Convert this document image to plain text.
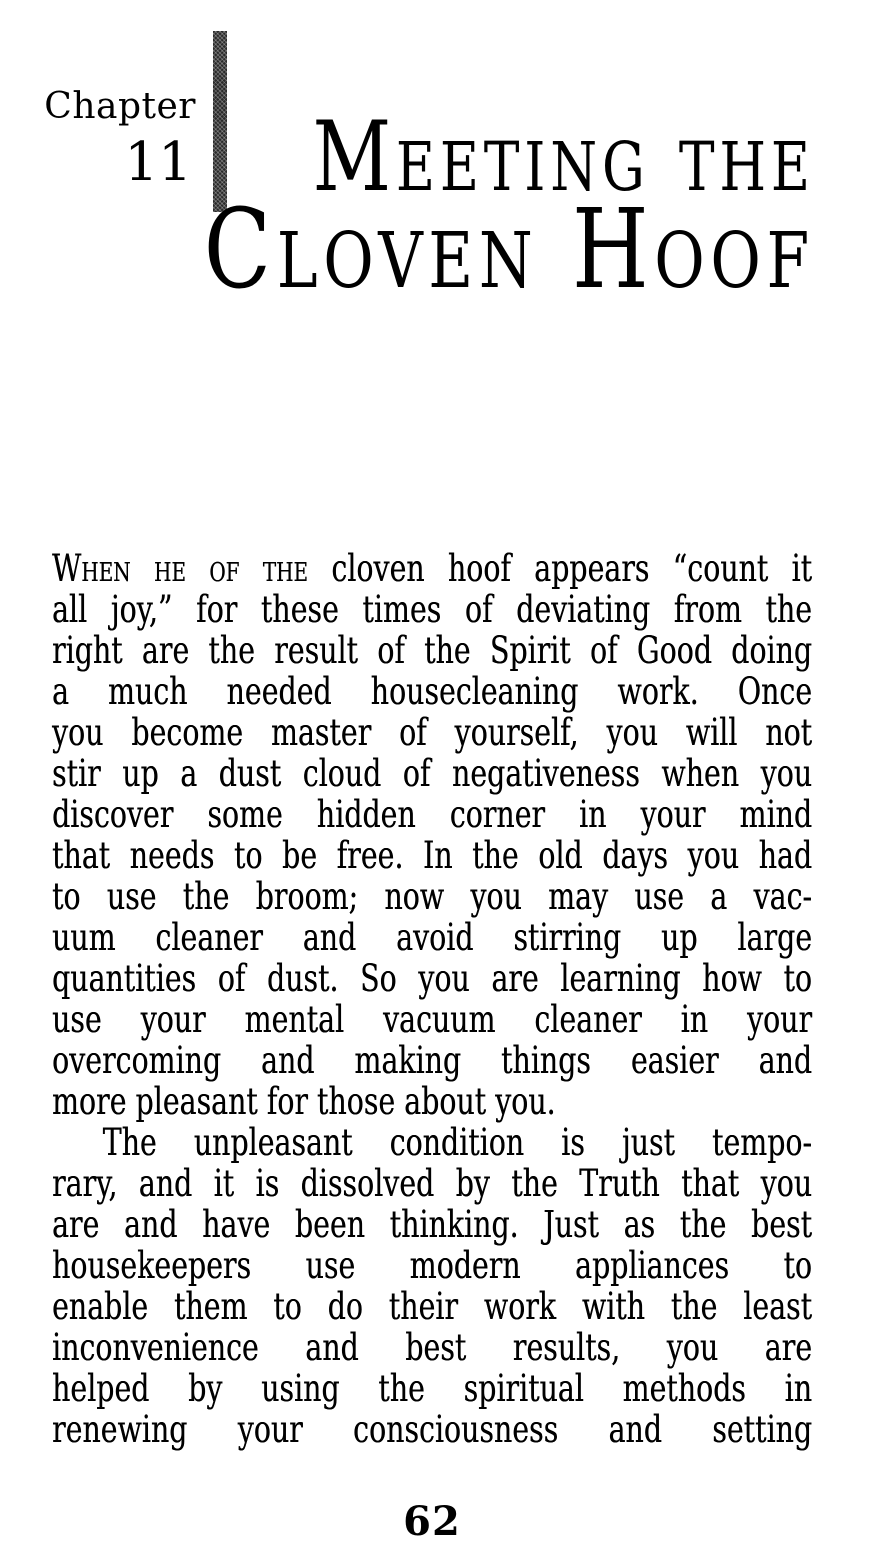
Chapter
11	Meeting the
Cloven Hoof
When he of the cloven hoof appears “count it
all joy,” for these times of deviating from the
right are the result of the Spirit of Good doing
a much needed housecleaning work. Once
you become master of yourself, you will not
stir up a dust cloud of negativeness when you
discover some hidden corner in your mind
that needs to be free. In the old days you had
to use the broom; now you may use a vac-
uum cleaner and avoid stirring up large
quantities of dust. So you are learning how to
use your mental vacuum cleaner in your
overcoming and making things easier and
more pleasant for those about you.
The unpleasant condition is just tempo-
rary, and it is dissolved by the Truth that you
are and have been thinking. Just as the best
housekeepers use modern appliances to
enable them to do their work with the least
inconvenience and best results, you are
helped by using the spiritual methods in
renewing your consciousness and setting
62
